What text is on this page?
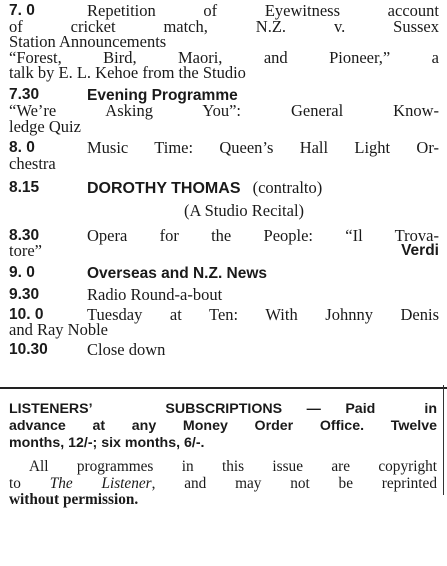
7. 0	Repetition of Eyewitness account
of cricket match, N.Z. v. Sussex
Station Announcements
“Forest, Bird, Maori, and Pioneer,” a
talk by E. L. Kehoe from the Studio
7.30	Evening Programme
“We’re Asking You”: General Know-
ledge Quiz
8. 0	Music Time: Queen’s Hall Light Or-
chestra
8.15	DOROTHY THOMAS (contralto)
(A Studio Recital)
8.30	Opera for the People: “Il Trova-
tore”	Verdi
9. 0	Overseas and N.Z. News
9.30	Radio Round-a-bout
10. 0	Tuesday at Ten: With Johnny Denis
and Ray Noble
10.30	Close down
LISTENERS’   SUBSCRIPTIONS — Paid  in
advance at any Money Order Office. Twelve
months, 12/-; six months, 6/-.
All programmes in this issue are copyright
to The Listener, and may not be reprinted
without permission.
